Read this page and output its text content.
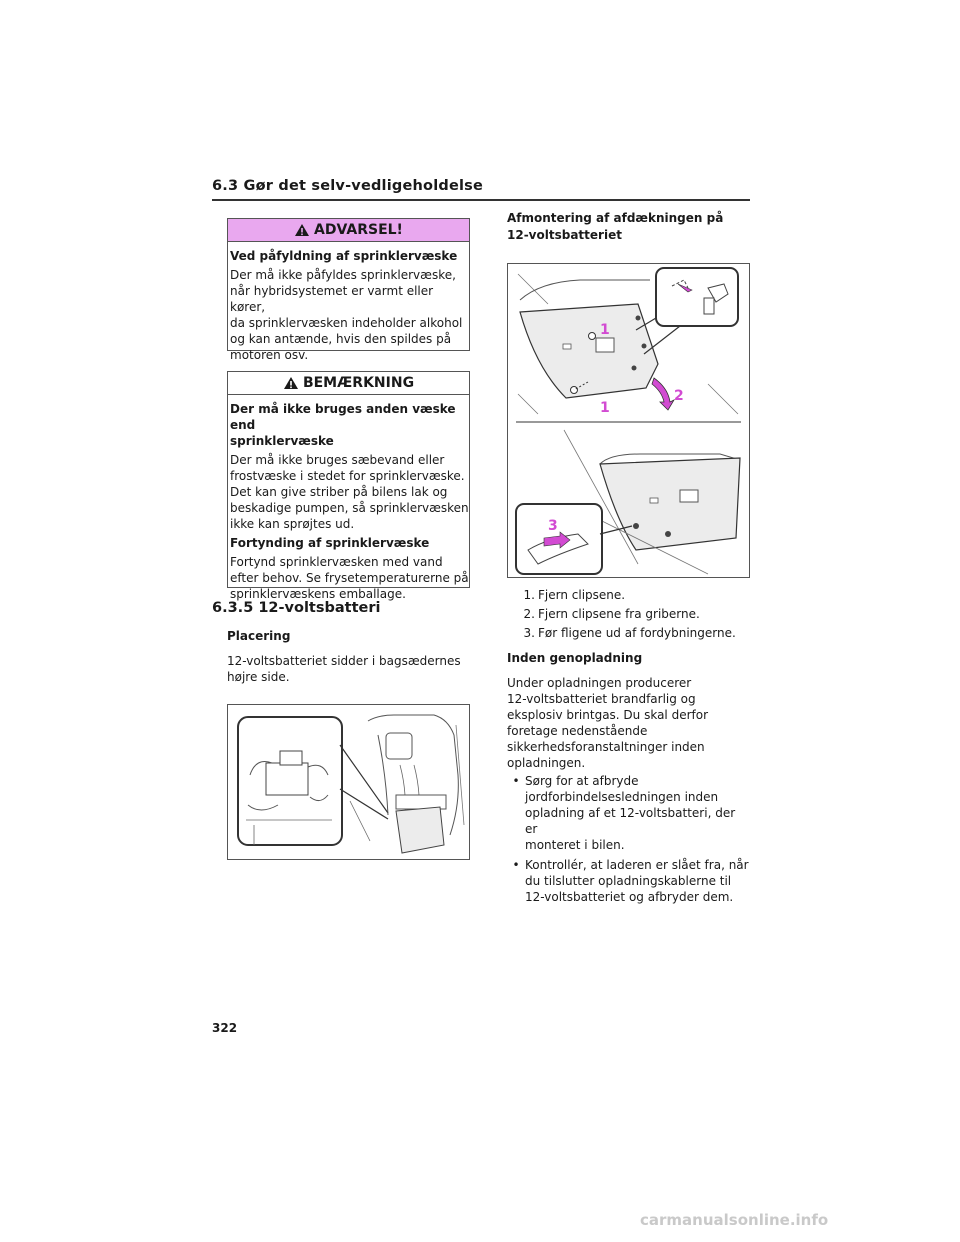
6.3 Gør det selv-vedligeholdelse
ADVARSEL!
Ved påfyldning af sprinklervæske
Der må ikke påfyldes sprinklervæske,
når hybridsystemet er varmt eller kører,
da sprinklervæsken indeholder alkohol
og kan antænde, hvis den spildes på
motoren osv.
BEMÆRKNING
Der må ikke bruges anden væske end
sprinklervæske
Der må ikke bruges sæbevand eller
frostvæske i stedet for sprinklervæske.
Det kan give striber på bilens lak og
beskadige pumpen, så sprinklervæsken
ikke kan sprøjtes ud.
Fortynding af sprinklervæske
Fortynd sprinklervæsken med vand
efter behov. Se frysetemperaturerne på
sprinklervæskens emballage.
6.3.5 12-voltsbatteri
Placering
12-voltsbatteriet sidder i bagsædernes
højre side.
Afmontering af afdækningen på
12-voltsbatteriet
1
1
2
3
1. Fjern clipsene.
2. Fjern clipsene fra griberne.
3. Før fligene ud af fordybningerne.
Inden genopladning
Under opladningen producerer
12-voltsbatteriet brandfarlig og
eksplosiv brintgas. Du skal derfor
foretage nedenstående
sikkerhedsforanstaltninger inden
opladningen.
• Sørg for at afbryde
jordforbindelsesledningen inden
opladning af et 12-voltsbatteri, der er
monteret i bilen.
• Kontrollér, at laderen er slået fra, når
du tilslutter opladningskablerne til
12-voltsbatteriet og afbryder dem.
322
carmanualsonline.info
